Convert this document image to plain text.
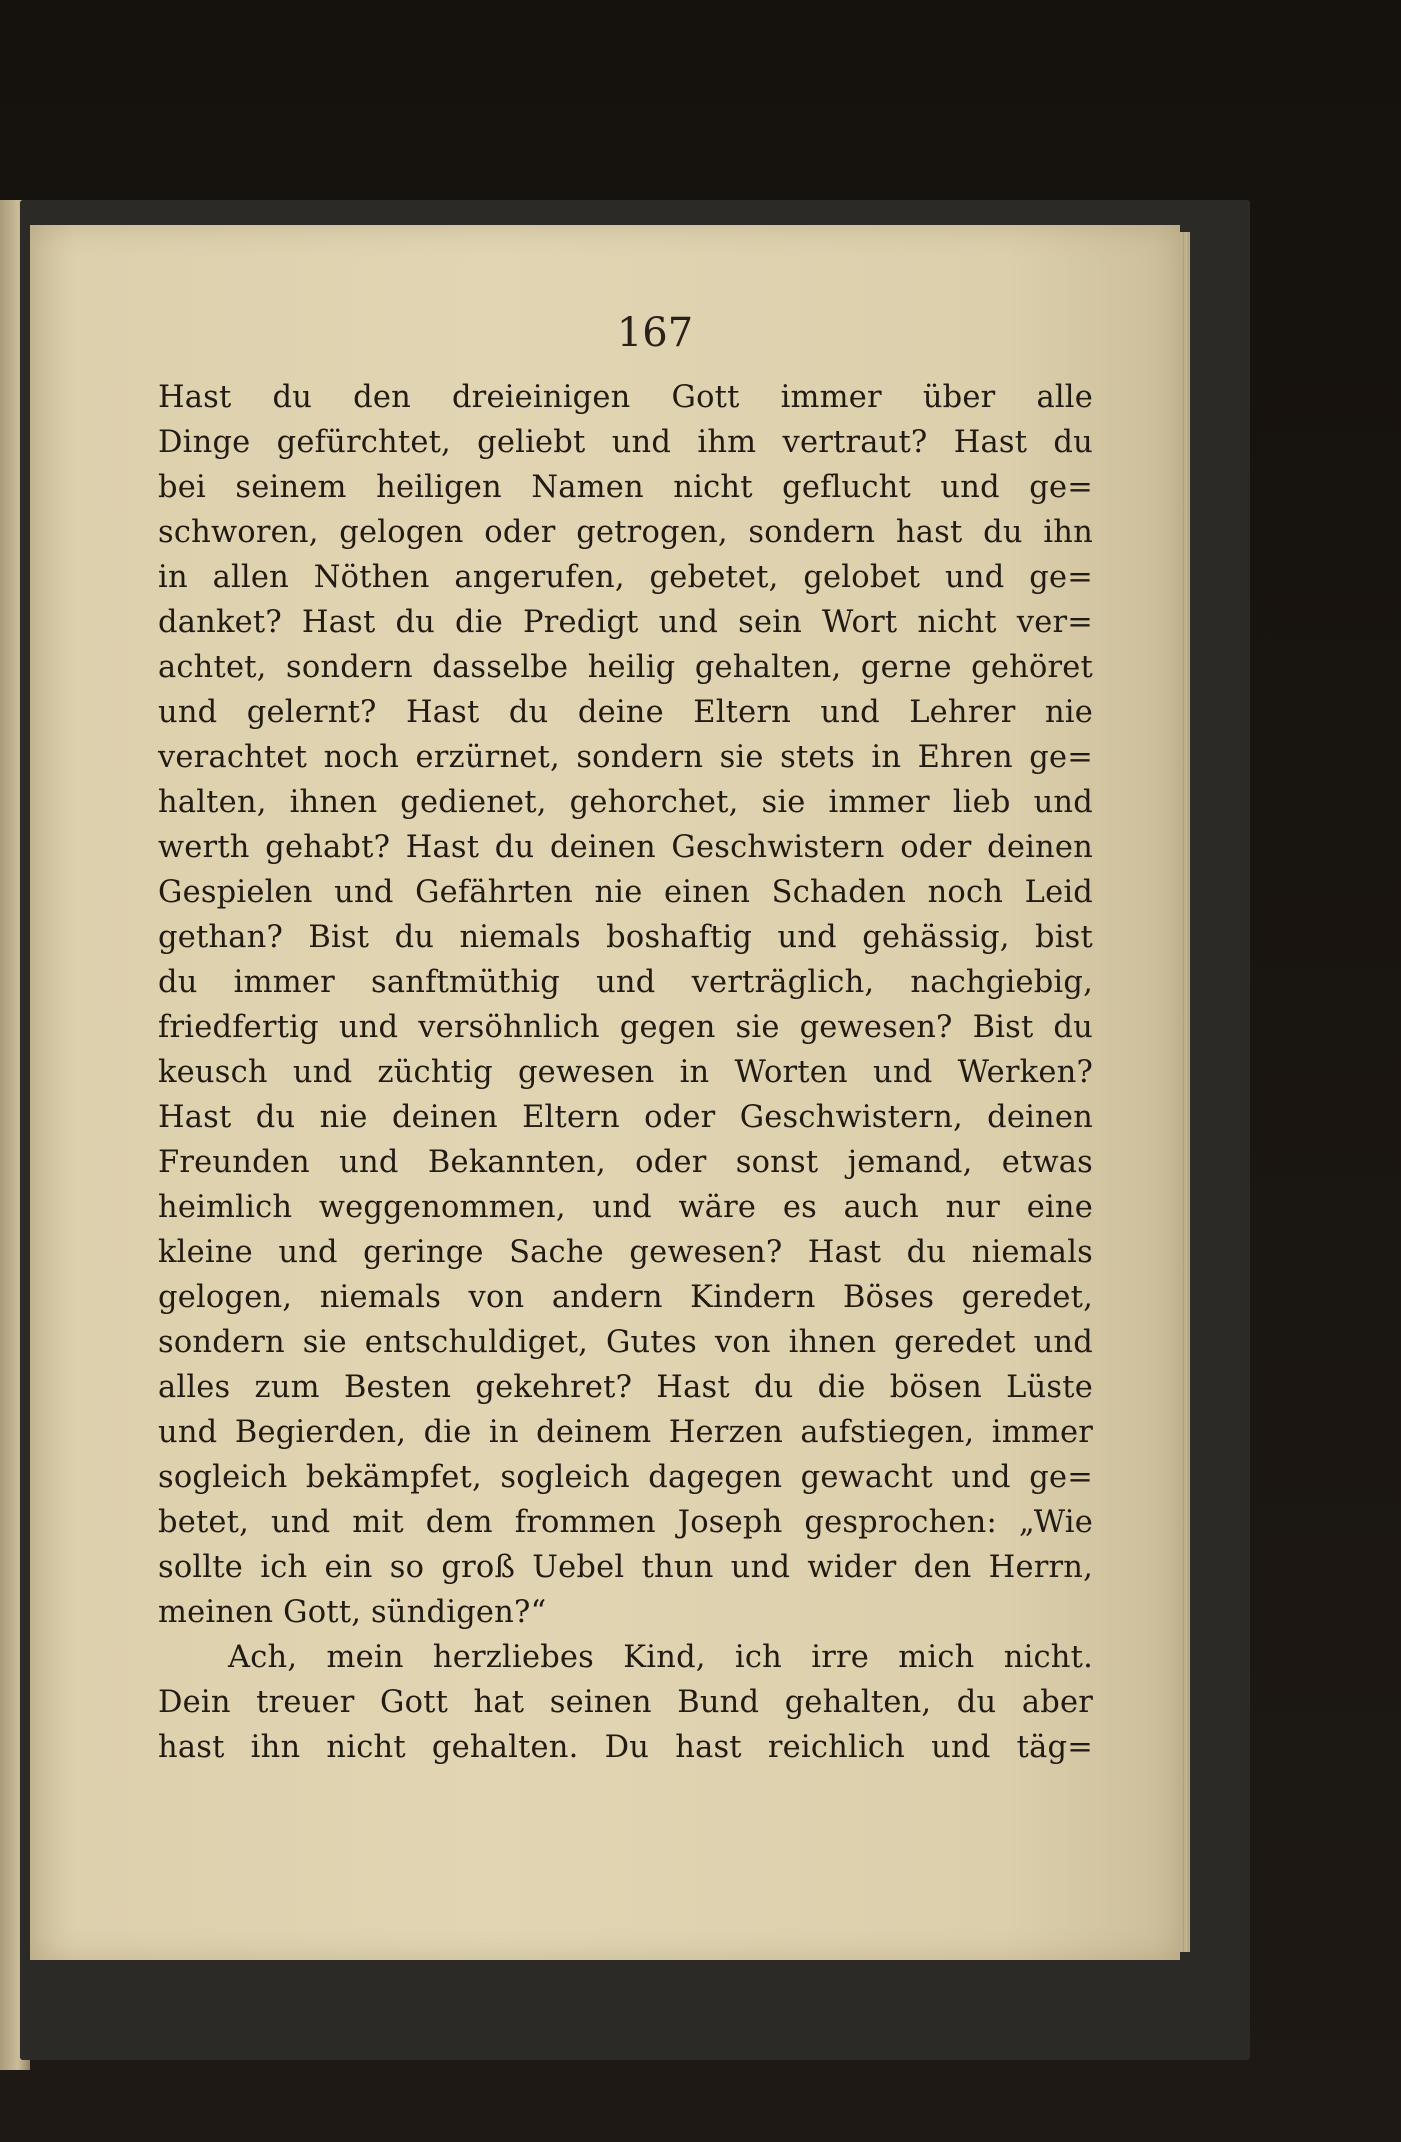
167
Hast du den dreieinigen Gott immer über alle
Dinge gefürchtet, geliebt und ihm vertraut? Hast du
bei seinem heiligen Namen nicht geflucht und ge=
schworen, gelogen oder getrogen, sondern hast du ihn
in allen Nöthen angerufen, gebetet, gelobet und ge=
danket? Hast du die Predigt und sein Wort nicht ver=
achtet, sondern dasselbe heilig gehalten, gerne gehöret
und gelernt? Hast du deine Eltern und Lehrer nie
verachtet noch erzürnet, sondern sie stets in Ehren ge=
halten, ihnen gedienet, gehorchet, sie immer lieb und
werth gehabt? Hast du deinen Geschwistern oder deinen
Gespielen und Gefährten nie einen Schaden noch Leid
gethan? Bist du niemals boshaftig und gehässig, bist
du immer sanftmüthig und verträglich, nachgiebig,
friedfertig und versöhnlich gegen sie gewesen? Bist du
keusch und züchtig gewesen in Worten und Werken?
Hast du nie deinen Eltern oder Geschwistern, deinen
Freunden und Bekannten, oder sonst jemand, etwas
heimlich weggenommen, und wäre es auch nur eine
kleine und geringe Sache gewesen? Hast du niemals
gelogen, niemals von andern Kindern Böses geredet,
sondern sie entschuldiget, Gutes von ihnen geredet und
alles zum Besten gekehret? Hast du die bösen Lüste
und Begierden, die in deinem Herzen aufstiegen, immer
sogleich bekämpfet, sogleich dagegen gewacht und ge=
betet, und mit dem frommen Joseph gesprochen: „Wie
sollte ich ein so groß Uebel thun und wider den Herrn,
meinen Gott, sündigen?“
Ach, mein herzliebes Kind, ich irre mich nicht.
Dein treuer Gott hat seinen Bund gehalten, du aber
hast ihn nicht gehalten. Du hast reichlich und täg=
